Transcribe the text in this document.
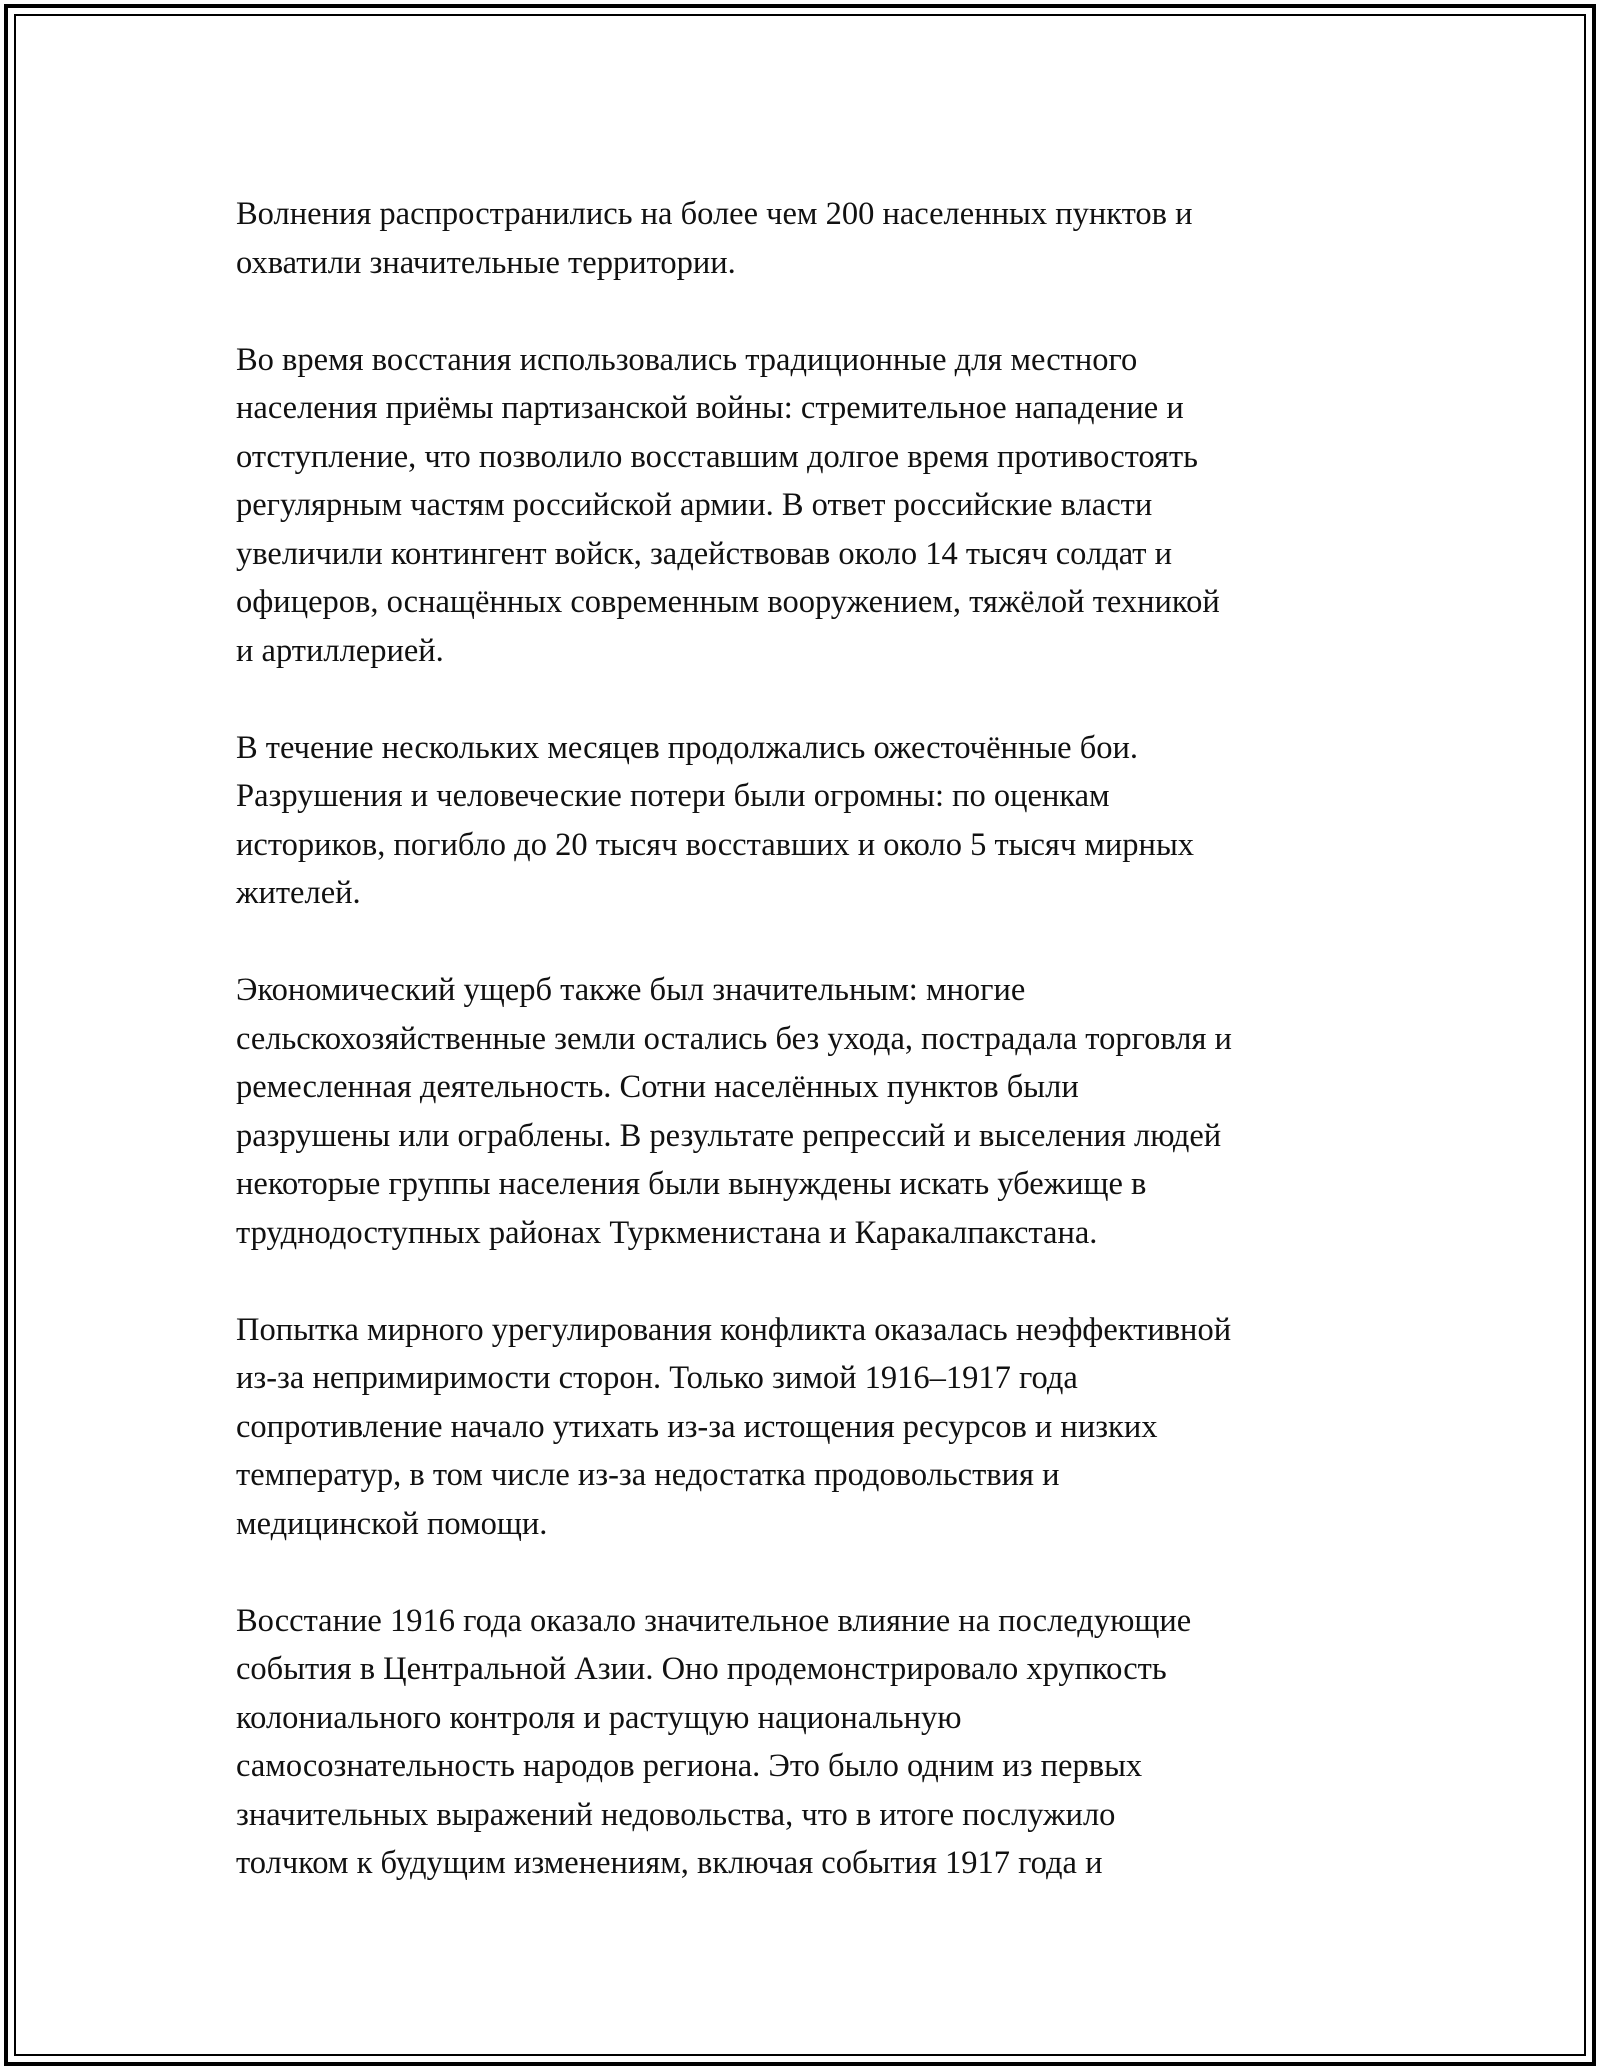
Волнения распространились на более чем 200 населенных пунктов и
охватили значительные территории.

Во время восстания использовались традиционные для местного
населения приёмы партизанской войны: стремительное нападение и
отступление, что позволило восставшим долгое время противостоять
регулярным частям российской армии. В ответ российские власти
увеличили контингент войск, задействовав около 14 тысяч солдат и
офицеров, оснащённых современным вооружением, тяжёлой техникой
и артиллерией.

В течение нескольких месяцев продолжались ожесточённые бои.
Разрушения и человеческие потери были огромны: по оценкам
историков, погибло до 20 тысяч восставших и около 5 тысяч мирных
жителей.

Экономический ущерб также был значительным: многие
сельскохозяйственные земли остались без ухода, пострадала торговля и
ремесленная деятельность. Сотни населённых пунктов были
разрушены или ограблены. В результате репрессий и выселения людей
некоторые группы населения были вынуждены искать убежище в
труднодоступных районах Туркменистана и Каракалпакстана.

Попытка мирного урегулирования конфликта оказалась неэффективной
из-за непримиримости сторон. Только зимой 1916–1917 года
сопротивление начало утихать из-за истощения ресурсов и низких
температур, в том числе из-за недостатка продовольствия и
медицинской помощи.

Восстание 1916 года оказало значительное влияние на последующие
события в Центральной Азии. Оно продемонстрировало хрупкость
колониального контроля и растущую национальную
самосознательность народов региона. Это было одним из первых
значительных выражений недовольства, что в итоге послужило
толчком к будущим изменениям, включая события 1917 года и
